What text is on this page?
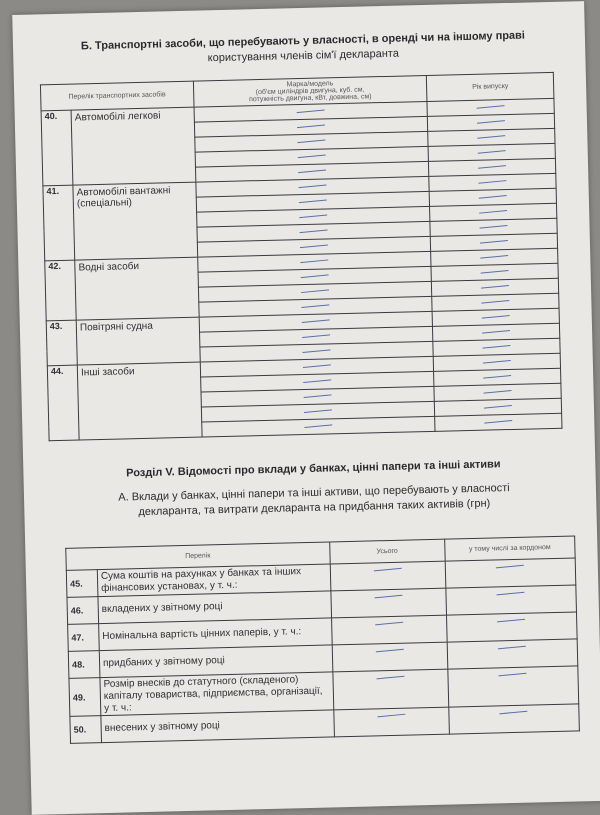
Б. Транспортні засоби, що перебувають у власності, в оренді чи на іншому праві
користування членів сім'ї декларанта
Перелік транспортних засобів		Марка/модель
(об'єм циліндрів двигуна, куб. см,
потужність двигуна, кВт, довжина, см)	Рік випуску
40.	Автомобілі легкові	

41.	Автомобілі вантажні (спеціальні)	

42.	Водні засоби	

43.	Повітряні судна	

44.	Інші засоби	

Розділ V. Відомості про вклади у банках, цінні папери та інші активи
А. Вклади у банках, цінні папери та інші активи, що перебувають у власності
декларанта, та витрати декларанта на придбання таких активів (грн)
Перелік		Усього	у тому числі за кордоном
45.	Сума коштів на рахунках у банках та інших фінансових установах, у т. ч.:	

46.	вкладених у звітному році	

47.	Номінальна вартість цінних паперів, у т. ч.:	

48.	придбаних у звітному році	

49.	Розмір внесків до статутного (складеного) капіталу товариства, підприємства, організації, у т. ч.:	

50.	внесених у звітному році	
